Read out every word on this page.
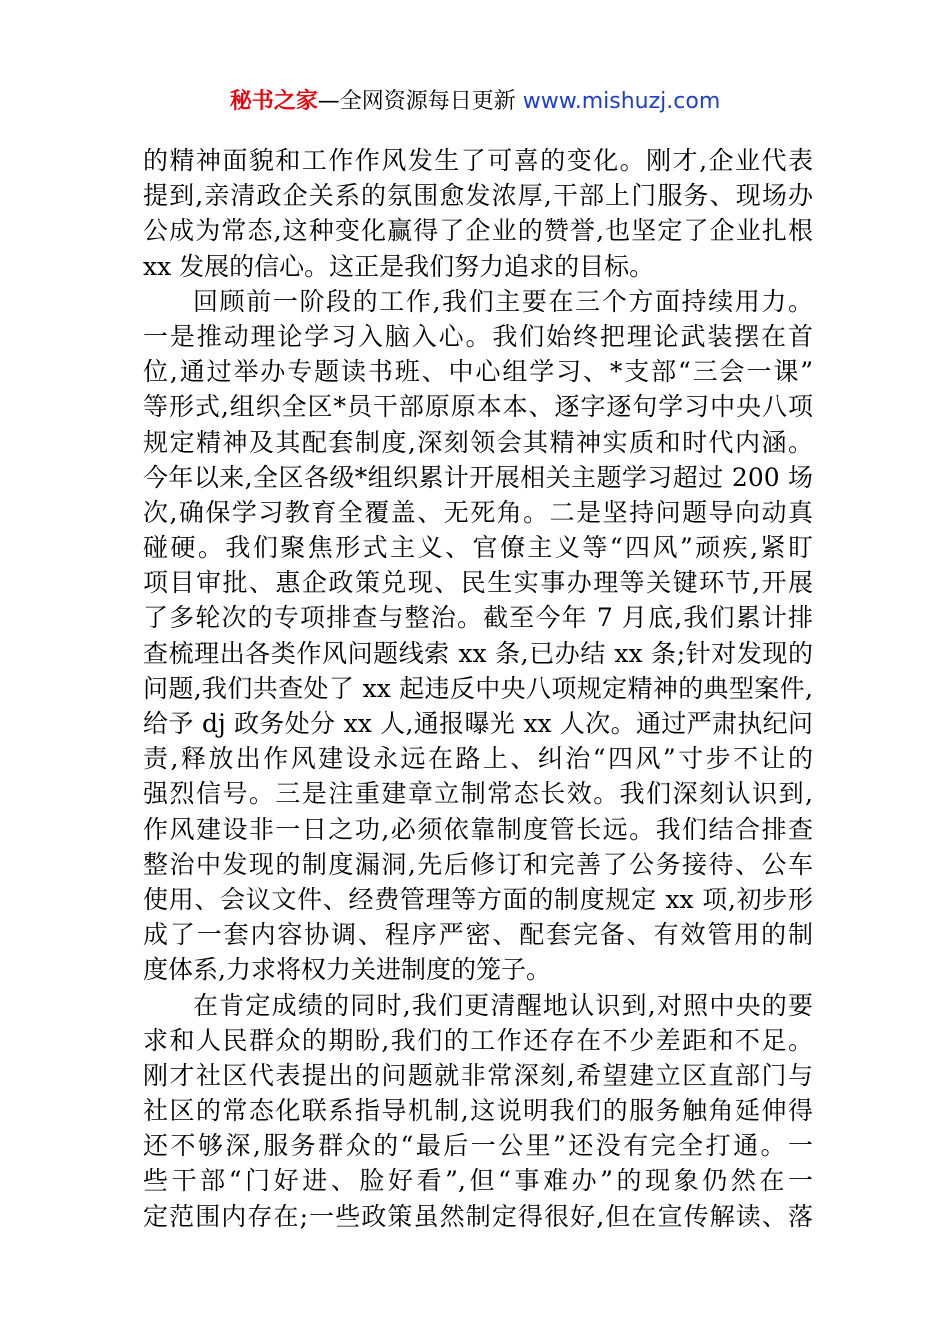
秘书之家—全网资源每日更新 www.mishuzj.com
的精神面貌和工作作风发生了可喜的变化。刚才,企业代表
提到,亲清政企关系的氛围愈发浓厚,干部上门服务、现场办
公成为常态,这种变化赢得了企业的赞誉,也坚定了企业扎根
xx 发展的信心。这正是我们努力追求的目标。
回顾前一阶段的工作,我们主要在三个方面持续用力。
一是推动理论学习入脑入心。我们始终把理论武装摆在首
位,通过举办专题读书班、中心组学习、*支部“三会一课”
等形式,组织全区*员干部原原本本、逐字逐句学习中央八项
规定精神及其配套制度,深刻领会其精神实质和时代内涵。
今年以来,全区各级*组织累计开展相关主题学习超过 200 场
次,确保学习教育全覆盖、无死角。二是坚持问题导向动真
碰硬。我们聚焦形式主义、官僚主义等“四风”顽疾,紧盯
项目审批、惠企政策兑现、民生实事办理等关键环节,开展
了多轮次的专项排查与整治。截至今年 7 月底,我们累计排
查梳理出各类作风问题线索 xx 条,已办结 xx 条;针对发现的
问题,我们共查处了 xx 起违反中央八项规定精神的典型案件,
给予 dj 政务处分 xx 人,通报曝光 xx 人次。通过严肃执纪问
责,释放出作风建设永远在路上、纠治“四风”寸步不让的
强烈信号。三是注重建章立制常态长效。我们深刻认识到,
作风建设非一日之功,必须依靠制度管长远。我们结合排查
整治中发现的制度漏洞,先后修订和完善了公务接待、公车
使用、会议文件、经费管理等方面的制度规定 xx 项,初步形
成了一套内容协调、程序严密、配套完备、有效管用的制
度体系,力求将权力关进制度的笼子。
在肯定成绩的同时,我们更清醒地认识到,对照中央的要
求和人民群众的期盼,我们的工作还存在不少差距和不足。
刚才社区代表提出的问题就非常深刻,希望建立区直部门与
社区的常态化联系指导机制,这说明我们的服务触角延伸得
还不够深,服务群众的“最后一公里”还没有完全打通。一
些干部“门好进、脸好看”,但“事难办”的现象仍然在一
定范围内存在;一些政策虽然制定得很好,但在宣传解读、落
